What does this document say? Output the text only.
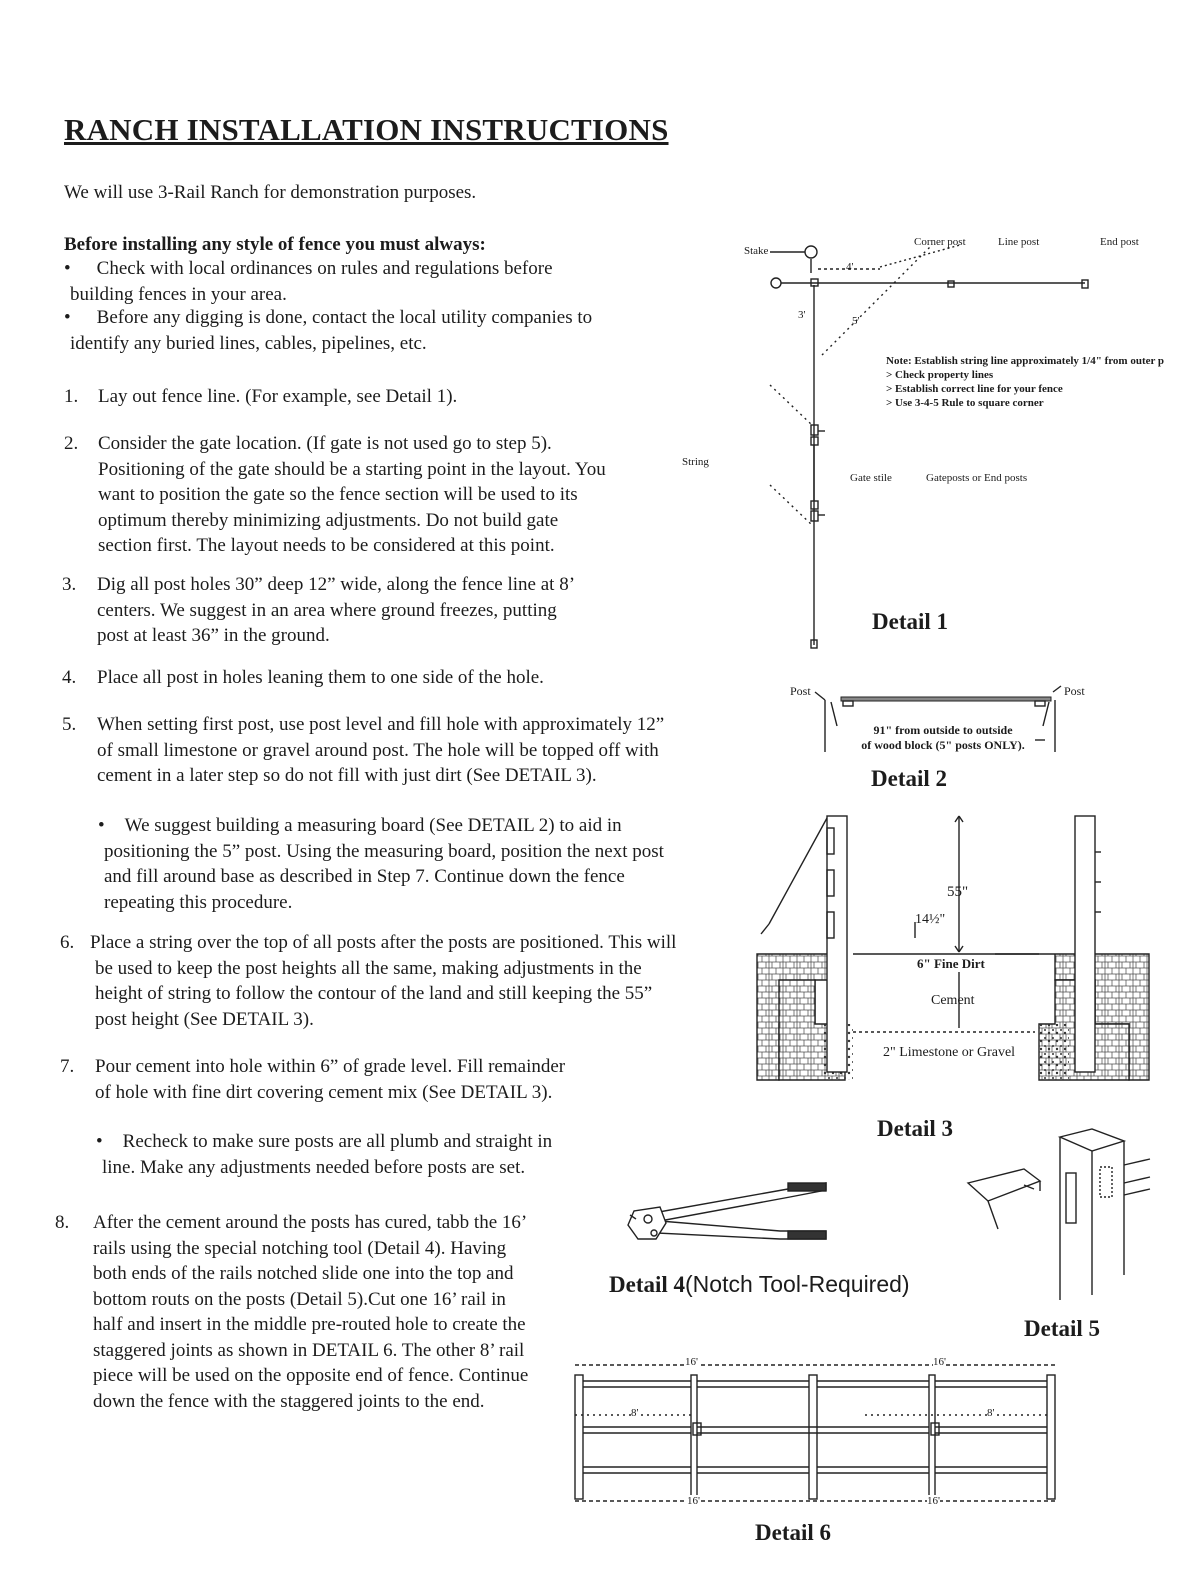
RANCH INSTALLATION INSTRUCTIONS
We will use 3-Rail Ranch for demonstration purposes.
Before installing any style of fence you must always:
• Check with local ordinances on rules and regulations before
building fences in your area.
• Before any digging is done, contact the local utility companies to
identify any buried lines, cables, pipelines, etc.
1. Lay out fence line. (For example, see Detail 1).
2. Consider the gate location. (If gate is not used go to step 5).
Positioning of the gate should be a starting point in the layout. You
want to position the gate so the fence section will be used to its
optimum thereby minimizing adjustments. Do not build gate
section first. The layout needs to be considered at this point.
3. Dig all post holes 30” deep 12” wide, along the fence line at 8’
centers. We suggest in an area where ground freezes, putting
post at least 36” in the ground.
4. Place all post in holes leaning them to one side of the hole.
5. When setting first post, use post level and fill hole with approximately 12”
of small limestone or gravel around post. The hole will be topped off with
cement in a later step so do not fill with just dirt (See DETAIL 3).
• We suggest building a measuring board (See DETAIL 2) to aid in
positioning the 5” post. Using the measuring board, position the next post
and fill around base as described in Step 7. Continue down the fence
repeating this procedure.
6. Place a string over the top of all posts after the posts are positioned. This will
be used to keep the post heights all the same, making adjustments in the
height of string to follow the contour of the land and still keeping the 55”
post height (See DETAIL 3).
7. Pour cement into hole within 6” of grade level. Fill remainder
of hole with fine dirt covering cement mix (See DETAIL 3).
• Recheck to make sure posts are all plumb and straight in
line. Make any adjustments needed before posts are set.
8. After the cement around the posts has cured, tabb the 16’
rails using the special notching tool (Detail 4). Having
both ends of the rails notched slide one into the top and
bottom routs on the posts (Detail 5).Cut one 16’ rail in
half and insert in the middle pre-routed hole to create the
staggered joints as shown in DETAIL 6. The other 8’ rail
piece will be used on the opposite end of fence. Continue
down the fence with the staggered joints to the end.
Stake
Corner post	Line post	End post
4'
3'	5'
String
Gate stile	Gateposts or End posts
Note: Establish string line approximately 1/4" from outer p
> Check property lines
> Establish correct line for your fence
> Use 3-4-5 Rule to square corner
Detail 1
Post	Post
91" from outside to outside
of wood block (5" posts ONLY).
Detail 2
55"
14½"
6" Fine Dirt
Cement
2" Limestone or Gravel
Detail 3
Detail 4(Notch Tool-Required)
Detail 5
16'	16'
8'	8'
16'	16'
Detail 6
